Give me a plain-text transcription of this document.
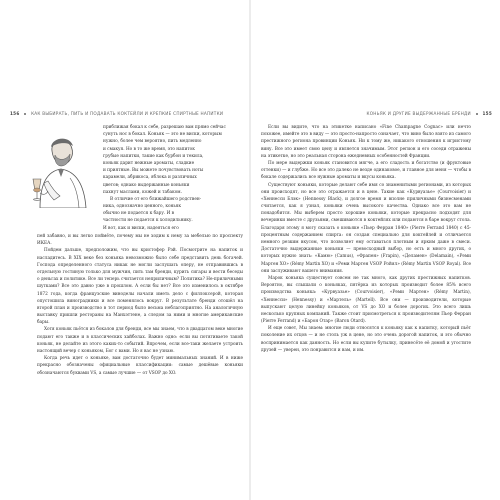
156	КАК ВЫБИРАТЬ, ПИТЬ И ПОДАВАТЬ КОКТЕЙЛИ И КРЕПКИЕ СПИРТНЫЕ НАПИТКИ
приближая бокал к себе, разрешаю вам прямо сейчас
сунуть нос в бокал. Коньяк — это не виски, которым
нужно, более чем вероятно, пить медленно
и смакуя. Но в то же время, это напиток
грубые напитки, такие как бурбон и текила,
коньяк дарит нежные ароматы, сладкие
и приятные. Вы можете почувствовать ноты
карамели, абрикоса, яблока и различных
цветов; однако выдержанные коньяки
пахнут маслами, кожей и табаком.
В отличие от его ближайшего родствен-
ника, однозначно ценного, коньяк
обычно не подается к бару. И в
частности не подается к холодильнику.
И вот, как и виски, надеяться его

пей забавно, и вы легко поймёте, почему мы не ходим к нему за мебелью по проспекту ИКЕА.

Пойдем дальше, предположим, что вы кристофер Рэй. Посмотрите на напиток и насладитесь. В XIX веке без коньяка невозможно было себе представить день богачей. Господа определенного статуса никак не могли заслушать оперу, не отправившись в отдельную гостиную только для мужчин, пить там бренди, курить сигары и вести беседы о деньгах и политике. Все ли теперь считается неприличным? Политика? Не-приличными шутками? Все это давно уже в прошлом. А если бы нет? Все это изменилось в октябре 1872 года, когда французские виноделы начали иметь дело с филлоксерой, которая опустошила виноградники и все поменялось вокруг. В результате бренди отошёл на второй план и производство в тот период было весьма неблагоприятно. На аналогичную выставку пришли рестораны на Манхэттене, а следом за ними и многие американские бары.

Хотя коньяк пьётся из бокалов для бренди, все мы знаем, что в двадцатом веке многие подают его также и в классических хайболах. Важно одно: если вы потягиваете такой коньяк, не делайте из этого каких-то событий. Впрочем, если все-таки желаете устроить настоящий вечер с коньяком, Бог с вами. Но я вас не узнаю.

Когда речь идет о коньяке, вам достаточно будет минимальных знаний. И в ниже прекрасно обозначены официальные классификации: самые дешёвые коньяки обозначаются буквами VS, а самые лучшие — от VSOP до XO.

КОНЬЯК И ДРУГИЕ ВЫДЕРЖАННЫЕ БРЕНДИ	155

Если вы видите, что на этикетке написано «Fine Champagne Cognac» или нечто похожее, имейте это в виду — это просто-напросто означает, что вино было взято из самого престижного региона провинции Коньяк. Ни к тому же, никакого отношения к игристому вину. Все это имеет свою цену и является значимым. Этот регион и его соседи отражены на этикетке, но это реальная сторона ежедневных особенностей Франции.

По мере выдержки коньяк становится мягче, а его сладость и богатство (и фруктовые оттенки) — и глубже. Но все это далеко не везде одинаковое, и главное для меня — чтобы в бокале содержались все нужные ароматы и вкусы коньяка.

Существуют коньяки, которые делают себе имя со знаменитыми регионами, из которых они происходят, но все это отражается и в цене. Такие как «Курвуазье» (Courvoisier) и «Хеннесси Блэк» (Hennessy Black), и долгое время и вполне приличными бизнесменами считается, как я узнал, коньяки очень высокого качества. Однако все это вам не понадобится. Мы выберем просто хорошие коньяки, которые прекрасно подходят для вечеринки вместе с друзьями, смешиваются в коктейлях или подаются в баре вокруг стола. Благодаря этому я могу сказать о коньяке «Пьер Ферран 1840» (Pierre Ferrand 1840) с 45-процентным содержанием спирта: он создан специально для коктейлей и отличается немного резким вкусом, что позволяет ему оставаться плотным и ярким даже в смеси. Достаточно выдержанные коньяки — превосходный выбор, но есть и много других, о которых нужно знать: «Камю» (Camus), «Фрапен» (Frapin), «Деламен» (Delamain), «Реми Мартен XO» (Rémy Martin XO) и «Реми Мартен VSOP Ройял» (Rémy Martin VSOP Royal). Все они заслуживают вашего внимания.

Марок коньяка существует совсем не так много, как других престижных напитков. Вероятно, вы слышали о коньяках, пятёрка из которых производит более 85% всего производства коньяка: «Курвуазье» (Courvoisier), «Реми Мартен» (Rémy Martin), «Хеннесси» (Hennessy) и «Мартель» (Martell). Все они — производители, которые выпускают целую линейку коньяков, от VS до XO и более дорогих. Это всего лишь несколько крупных компаний. Также стоит присмотреться к производителям Пьер Ферран (Pierre Ferrand) и «Барон Отар» (Baron Otard).

И еще совет, Мы знаем: многие люди относятся к коньяку как к напитку, который пьёт поколение их отцов — и не столь уж в цене, но это очень дорогой напиток, и это обычно воспринимается как данность. Но если вы купите бутылку, принесёте её домой и угостите друзей — уверен, это понравится и вам, и им.
